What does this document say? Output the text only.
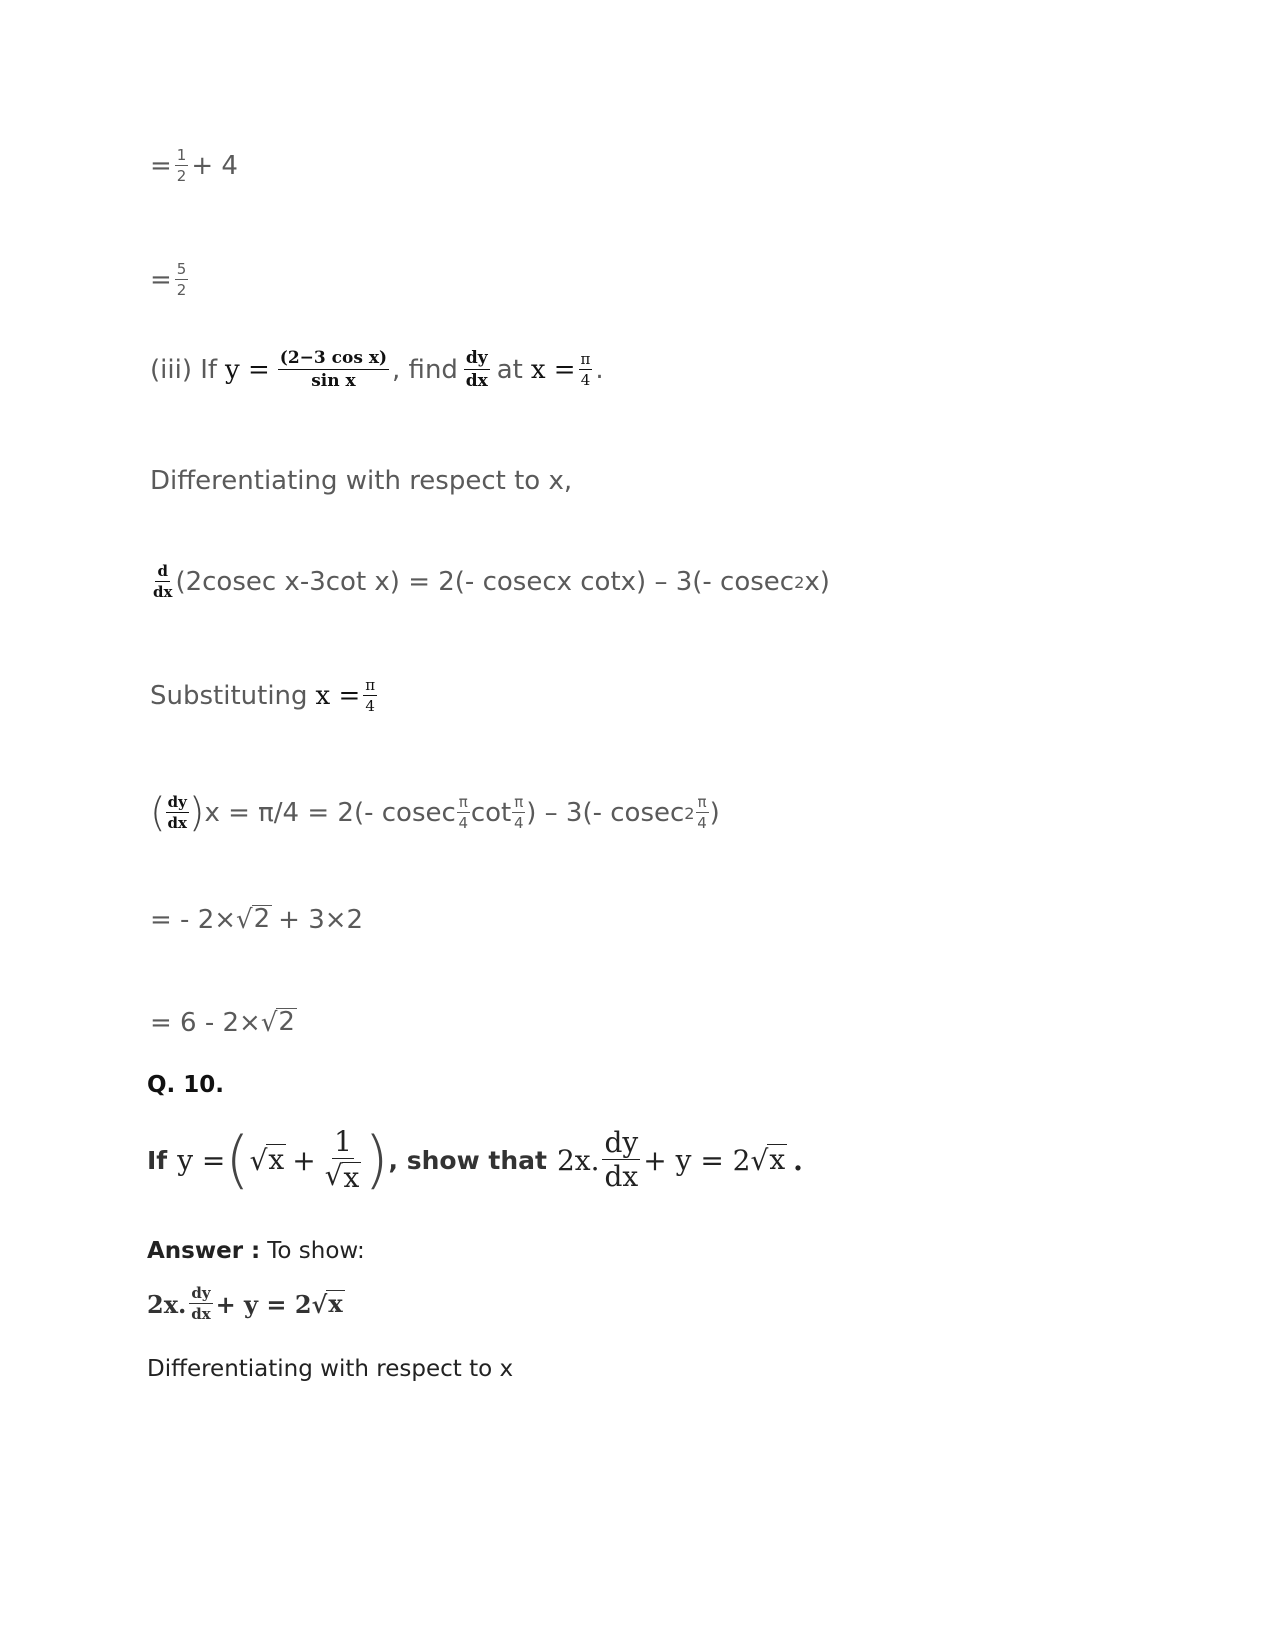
= $\frac{1}{2} + 4$
= $\frac{5}{2}$
(iii) If $y = \frac{\text{(2−3 cos x)}}{\text{sin x}}$ , find $\frac{dy}{dx}$ at $x = \frac{\pi}{4}$ .
Differentiating with respect to x,
$\frac{d}{dx} (2cosec$ x-3cot x) = 2(- cosecx cotx) – 3(- cosec 2 x)
Substituting $x = \frac{\pi}{4}$
( $\frac{dy}{dx}$ ) x = π/4 = 2(- cosec $\frac{\pi}{4}$ $\cot \frac{\pi}{4}$ ) – 3(- cosec $2 \frac{\pi}{4}$ )
= - 2× √ 2 + 3×2
= 6 - 2× √ 2
Q. 10.
If y = ( √ $x + \frac{1}{√ x}$ ) , show that 2x. $\frac{dy}{dx} + y = 2$ √ x .
Answer : To show:
2x. $\frac{dy}{dx} + y = 2$ √ x
Differentiating with respect to x
